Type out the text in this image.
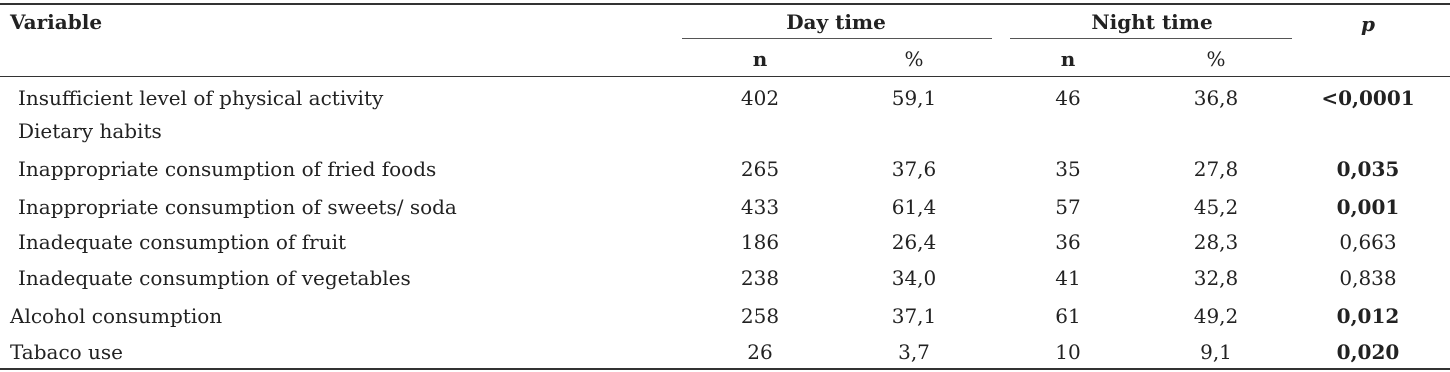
Variable	Day time	Night time	p
n	%	n	%
Insufficient level of physical activity	402	59,1	46	36,8	<0,0001
Dietary habits
Inappropriate consumption of fried foods	265	37,6	35	27,8	0,035
Inappropriate consumption of sweets/ soda	433	61,4	57	45,2	0,001
Inadequate consumption of fruit	186	26,4	36	28,3	0,663
Inadequate consumption of vegetables	238	34,0	41	32,8	0,838
Alcohol consumption	258	37,1	61	49,2	0,012
Tabaco use	26	3,7	10	9,1	0,020
